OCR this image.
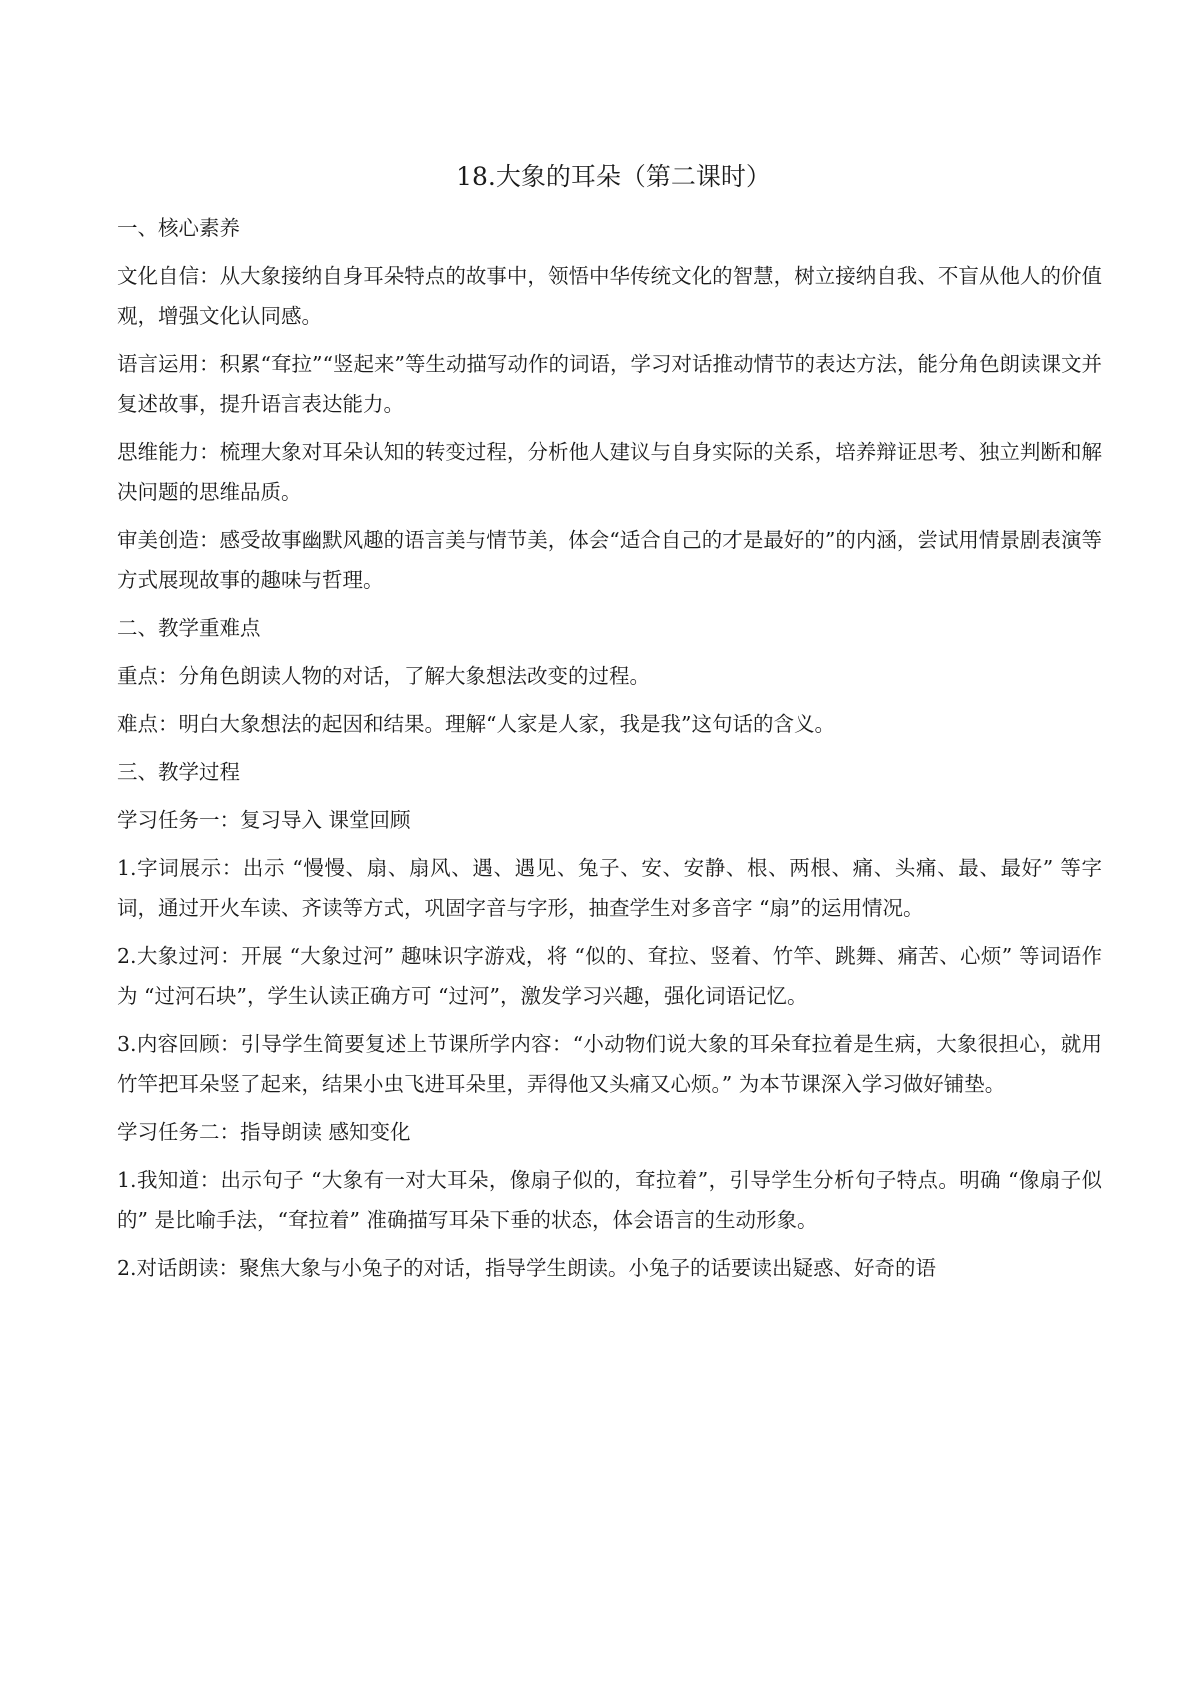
18.大象的耳朵（第二课时）

一、核心素养

文化自信：从大象接纳自身耳朵特点的故事中，领悟中华传统文化的智慧，树立接纳自我、不盲从他人的价值观，增强文化认同感。

语言运用：积累“耷拉”“竖起来”等生动描写动作的词语，学习对话推动情节的表达方法，能分角色朗读课文并复述故事，提升语言表达能力。

思维能力：梳理大象对耳朵认知的转变过程，分析他人建议与自身实际的关系，培养辩证思考、独立判断和解决问题的思维品质。

审美创造：感受故事幽默风趣的语言美与情节美，体会“适合自己的才是最好的”的内涵，尝试用情景剧表演等方式展现故事的趣味与哲理。

二、教学重难点

重点：分角色朗读人物的对话，了解大象想法改变的过程。

难点：明白大象想法的起因和结果。理解“人家是人家，我是我”这句话的含义。

三、教学过程

学习任务一：复习导入 课堂回顾

1.字词展示：出示 “慢慢、扇、扇风、遇、遇见、兔子、安、安静、根、两根、痛、头痛、最、最好” 等字词，通过开火车读、齐读等方式，巩固字音与字形，抽查学生对多音字 “扇”的运用情况。

2.大象过河：开展 “大象过河” 趣味识字游戏，将 “似的、耷拉、竖着、竹竿、跳舞、痛苦、心烦” 等词语作为 “过河石块”，学生认读正确方可 “过河”，激发学习兴趣，强化词语记忆。

3.内容回顾：引导学生简要复述上节课所学内容：“小动物们说大象的耳朵耷拉着是生病，大象很担心，就用竹竿把耳朵竖了起来，结果小虫飞进耳朵里，弄得他又头痛又心烦。” 为本节课深入学习做好铺垫。

学习任务二：指导朗读 感知变化

1.我知道：出示句子 “大象有一对大耳朵，像扇子似的，耷拉着”，引导学生分析句子特点。明确 “像扇子似的” 是比喻手法，“耷拉着” 准确描写耳朵下垂的状态，体会语言的生动形象。

2.对话朗读：聚焦大象与小兔子的对话，指导学生朗读。小兔子的话要读出疑惑、好奇的语
